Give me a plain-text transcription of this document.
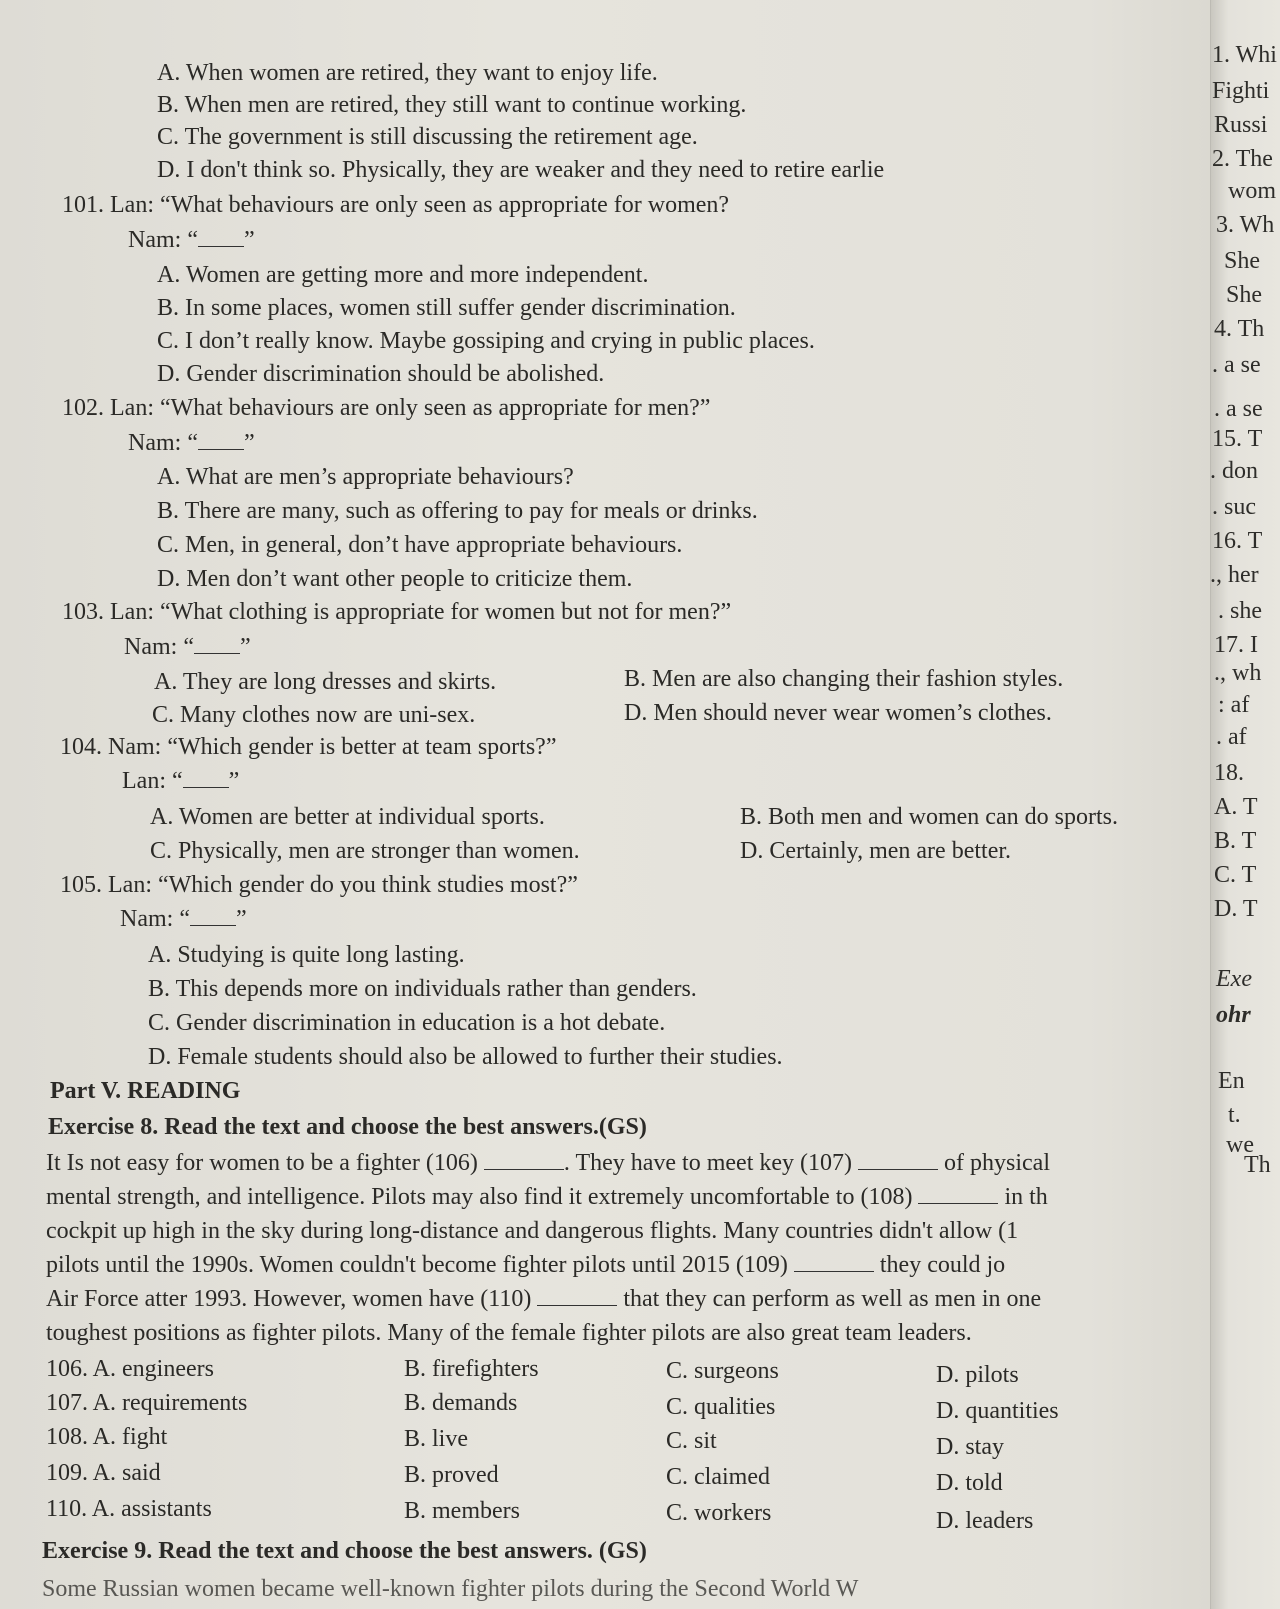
A. When women are retired, they want to enjoy life.
B. When men are retired, they still want to continue working.
C. The government is still discussing the retirement age.
D. I don't think so. Physically, they are weaker and they need to retire earlie
101. Lan: “What behaviours are only seen as appropriate for women?
Nam: “ ”
A. Women are getting more and more independent.
B. In some places, women still suffer gender discrimination.
C. I don’t really know. Maybe gossiping and crying in public places.
D. Gender discrimination should be abolished.
102. Lan: “What behaviours are only seen as appropriate for men?”
Nam: “ ”
A. What are men’s appropriate behaviours?
B. There are many, such as offering to pay for meals or drinks.
C. Men, in general, don’t have appropriate behaviours.
D. Men don’t want other people to criticize them.
103. Lan: “What clothing is appropriate for women but not for men?”
Nam: “ ”
A. They are long dresses and skirts.	B. Men are also changing their fashion styles.
C. Many clothes now are uni-sex.	D. Men should never wear women’s clothes.
104. Nam: “Which gender is better at team sports?”
Lan: “ ”
A. Women are better at individual sports.	B. Both men and women can do sports.
C. Physically, men are stronger than women.	D. Certainly, men are better.
105. Lan: “Which gender do you think studies most?”
Nam: “ ”
A. Studying is quite long lasting.
B. This depends more on individuals rather than genders.
C. Gender discrimination in education is a hot debate.
D. Female students should also be allowed to further their studies.
Part V. READING
Exercise 8. Read the text and choose the best answers.(GS)
It Is not easy for women to be a fighter (106)	. They have to meet key (107)	of physical
mental strength, and intelligence. Pilots may also find it extremely uncomfortable to (108)	in th
cockpit up high in the sky during long-distance and dangerous flights. Many countries didn't allow (1
pilots until the 1990s. Women couldn't become fighter pilots until 2015 (109)	they could jo
Air Force atter 1993. However, women have (110)	that they can perform as well as men in one
toughest positions as fighter pilots. Many of the female fighter pilots are also great team leaders.
106. A. engineers	B. firefighters	C. surgeons	D. pilots
107. A. requirements	B. demands	C. qualities	D. quantities
108. A. fight	B. live	C. sit	D. stay
109. A. said	B. proved	C. claimed	D. told
110. A. assistants	B. members	C. workers	D. leaders
Exercise 9. Read the text and choose the best answers. (GS)
Some Russian women became well-known fighter pilots during the Second World W
1. Whi
Fighti
Russi
2. The
wom
3. Wh
She
She
4. Th
. a se
. a se
15. T
. don
. suc
16. T
., her
. she
17. I
., wh
: af
. af
18.
A. T
B. T
C. T
D. T
Exe
ohr
En
t.
we
Th
